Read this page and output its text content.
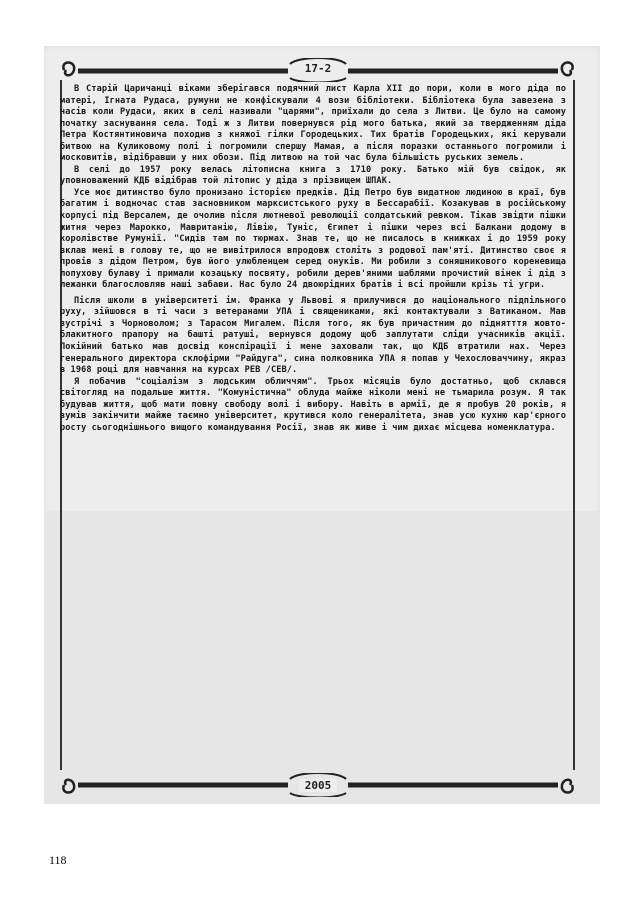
17-2

В Старій Царичанці віками зберігався подячний лист Карла XII до пори, коли в мого діда по матері, Ігната Рудаса, румуни не конфіскували 4 вози бібліотеки. Бібліотека була завезена з часів коли Рудаси, яких в селі називали "царями", приїхали до села з Литви. Це було на самому початку заснування села. Тоді ж з Литви повернувся рід мого батька, який за твердженням діда Петра Костянтиновича походив з княжої гілки Городецьких. Тих братів Городецьких, які керували битвою на Куликовому полі і погромили спершу Мамая, а після поразки останнього погромили і московитів, відібравши у них обози. Під литвою на той час була більшість руських земель.

В селі до 1957 року велась літописна книга з 1710 року. Батько мій був свідок, як уповноважений КДБ відібрав той літопис у діда з прізвищем ШПАК.

Усе моє дитинство було пронизано історією предків. Дід Петро був видатною людиною в краї, був багатим і водночас став засновником марксистського руху в Бессарабії. Козакував в російському корпусі під Версалем, де очолив після лютневої революції солдатський ревком. Тікав звідти пішки житня через Марокко, Мавританію, Лівію, Туніс, Єгипет і пішки через всі Балкани додому в королівстве Румунії. "Сидів там по тюрмах. Знав те, що не писалось в книжках і до 1959 року вклав мені в голову те, що не вивітрилося впродовж століть з родової пам'яті. Дитинство своє я провів з дідом Петром, був його улюбленцем серед онуків. Ми робили з соняшникового кореневища лопухову булаву і примали козацьку посвяту, робили дерев'яними шаблями прочистий вінек і дід з лежанки благословляв наші забави. Нас було 24 двоюрідних братів і всі пройшли крізь ті угри.

Після школи в університеті ім. Франка у Львові я прилучився до національного підпільного руху, зійшовся в ті часи з ветеранами УПА і священиками, які контактували з Ватиканом. Мав зустрічі з Чорноволом; з Тарасом Мигалем. Після того, як був причастним до піднятття жовто-блакитного прапору на башті ратуші, вернувся додому щоб заплутати сліди учасників акції. Покійний батько мав досвід конспірації і мене заховали так, що КДБ втратили нах. Через генерального директора склофірми "Райдуга", сина полковника УПА я попав у Чехословаччину, якраз в 1968 році для навчання на курсах РЕВ /СЕВ/.

Я побачив "соціалізм з людським обличчям". Трьох місяців було достатньо, щоб склався світогляд на подальше життя. "Комуністична" облуда майже ніколи мені не тьмарила розум. Я так будував життя, щоб мати повну свободу волі і вибору. Навіть в армії, де я пробув 20 років, я зумів закінчити майже таємно університет, крутився коло генералітета, знав усю кухню кар'єрного росту сьогоднішнього вищого командування Росії, знав як живе і чим дихає місцева номенклатура.

2005
118
